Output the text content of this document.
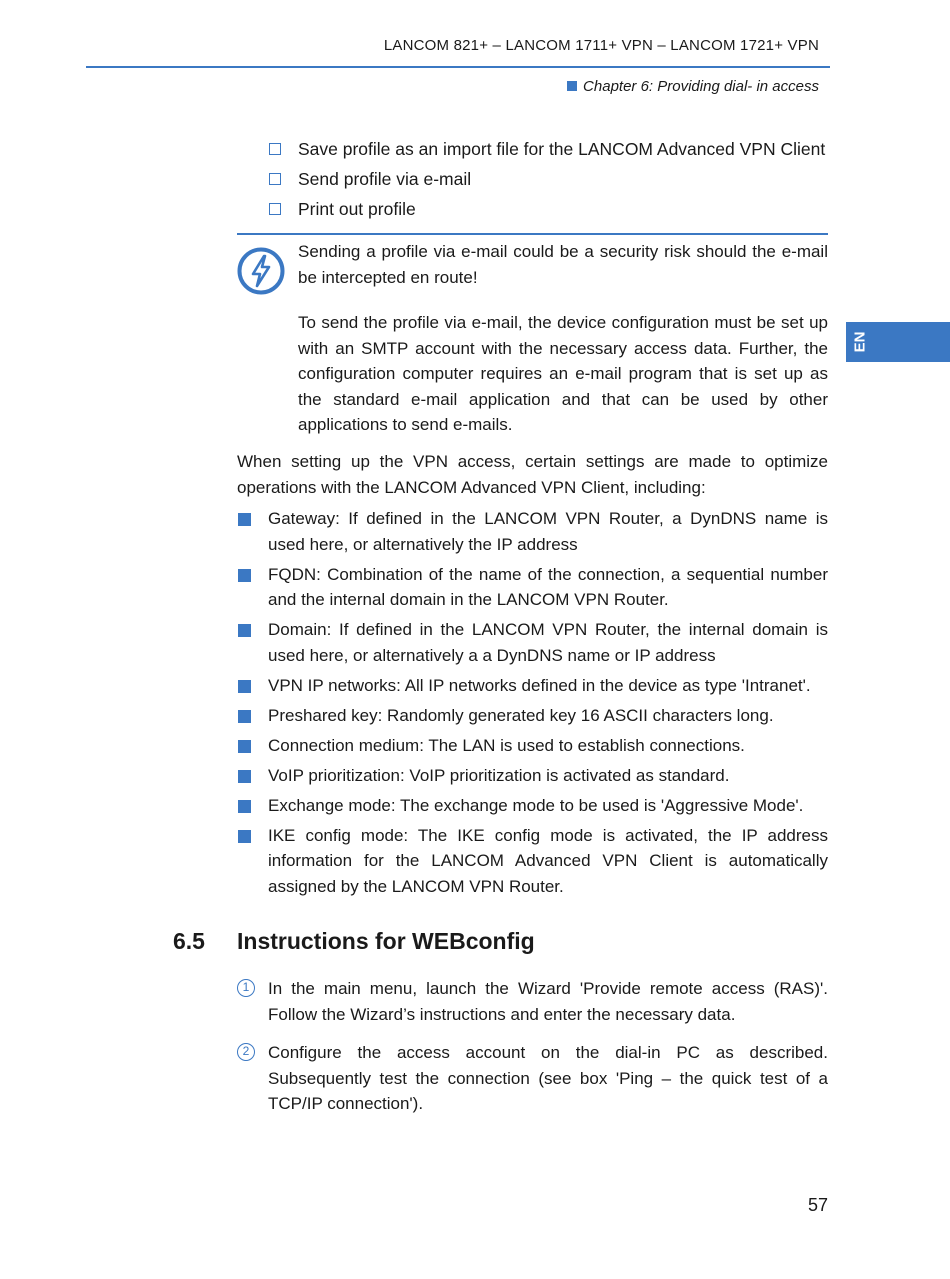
LANCOM 821+ – LANCOM 1711+ VPN – LANCOM 1721+ VPN
Chapter 6: Providing dial- in access
EN
Save profile as an import file for the LANCOM Advanced VPN Client
Send profile via e-mail
Print out profile

Sending a profile via e-mail could be a security risk should the e-mail be intercepted en route!

To send the profile via e-mail, the device configuration must be set up with an SMTP account with the necessary access data. Further, the configuration computer requires an e-mail program that is set up as the standard e-mail application and that can be used by other applications to send e-mails.

When setting up the VPN access, certain settings are made to optimize operations with the LANCOM Advanced VPN Client, including:

Gateway: If defined in the LANCOM VPN Router, a DynDNS name is used here, or alternatively the IP address
FQDN: Combination of the name of the connection, a sequential number and the internal domain in the LANCOM VPN Router.
Domain: If defined in the LANCOM VPN Router, the internal domain is used here, or alternatively a a DynDNS name or IP address
VPN IP networks: All IP networks defined in the device as type 'Intranet'.
Preshared key: Randomly generated key 16 ASCII characters long.
Connection medium: The LAN is used to establish connections.
VoIP prioritization: VoIP prioritization is activated as standard.
Exchange mode: The exchange mode to be used is 'Aggressive Mode'.
IKE config mode: The IKE config mode is activated, the IP address information for the LANCOM Advanced VPN Client is automatically assigned by the LANCOM VPN Router.
6.5 Instructions for WEBconfig
1	In the main menu, launch the Wizard 'Provide remote access (RAS)'. Follow the Wizard’s instructions and enter the necessary data.
2	Configure the access account on the dial-in PC as described. Subsequently test the connection (see box 'Ping – the quick test of a TCP/IP connection').
57
